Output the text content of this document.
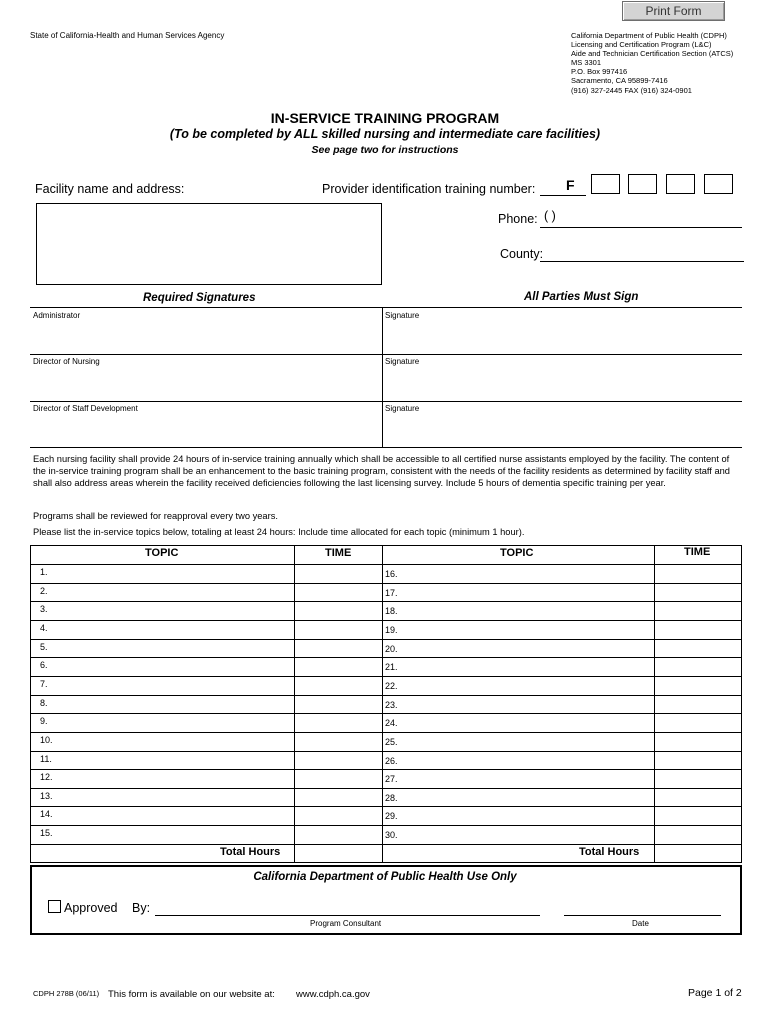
Print Form
State of California-Health and Human Services Agency	California Department of Public Health (CDPH)
Licensing and Certification Program (L&C)
Aide and Technician Certification Section (ATCS)
MS 3301
P.O. Box 997416
Sacramento, CA 95899-7416
(916) 327-2445 FAX (916) 324-0901
IN-SERVICE TRAINING PROGRAM
(To be completed by ALL skilled nursing and intermediate care facilities)
See page two for instructions
Facility name and address:	Provider identification training number: F
Phone: ( )
County:
Required Signatures	All Parties Must Sign
Administrator	Signature
Director of Nursing	Signature
Director of Staff Development	Signature
Each nursing facility shall provide 24 hours of in-service training annually which shall be accessible to all certified nurse assistants employed by the facility. The content of the in-service training program shall be an enhancement to the basic training program, consistent with the needs of the facility residents as determined by facility staff and shall also address areas wherein the facility received deficiencies following the last licensing survey. Include 5 hours of dementia specific training per year.
Programs shall be reviewed for reapproval every two years.
Please list the in-service topics below, totaling at least 24 hours: Include time allocated for each topic (minimum 1 hour).
TOPIC	TIME	TOPIC	TIME
1.	16.
2.	17.
3.	18.
4.	19.
5.	20.
6.	21.
7.	22.
8.	23.
9.	24.
10.	25.
11.	26.
12.	27.
13.	28.
14.	29.
15.	30.
Total Hours	Total Hours
California Department of Public Health Use Only
Approved By:
Program Consultant	Date
CDPH 278B (06/11) This form is available on our website at: www.cdph.ca.gov	Page 1 of 2
